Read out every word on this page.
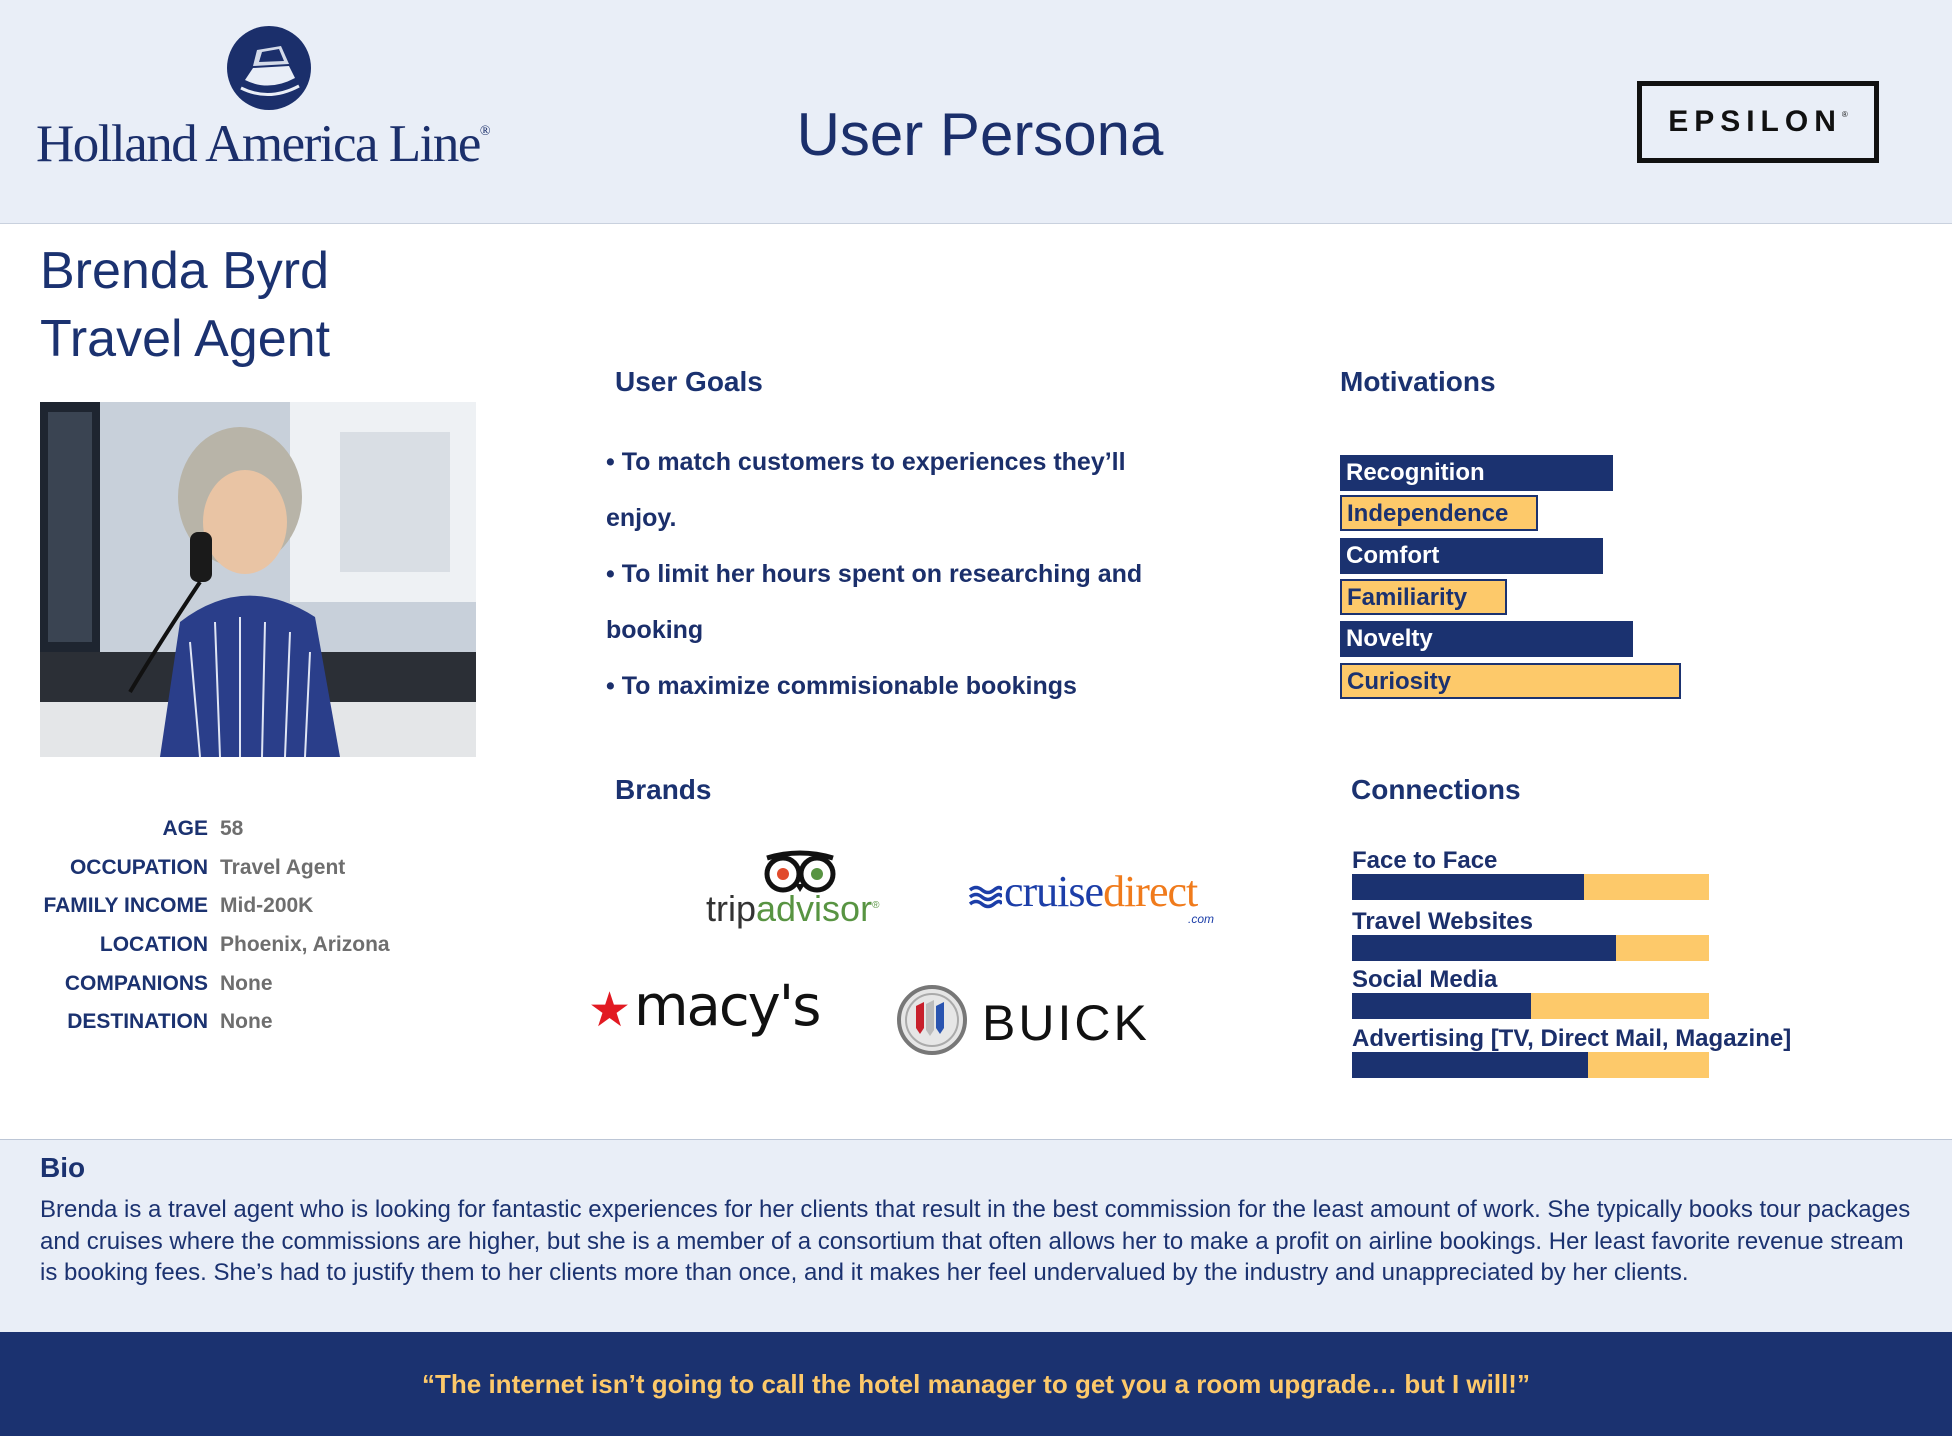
Holland America Line®	User Persona	EPSILON®
Brenda Byrd
Travel Agent
AGE 58
OCCUPATION Travel Agent
FAMILY INCOME Mid-200K
LOCATION Phoenix, Arizona
COMPANIONS None
DESTINATION None
User Goals
• To match customers to experiences they’ll
enjoy.
• To limit her hours spent on researching and
booking
• To maximize commisionable bookings
Motivations
Recognition
Independence
Comfort
Familiarity
Novelty
Curiosity
Brands
tripadvisor®	cruisedirect
.com
★ macy's	BUICK
Connections
Face to Face
Travel Websites
Social Media
Advertising [TV, Direct Mail, Magazine]
Bio
Brenda is a travel agent who is looking for fantastic experiences for her clients that result in the best commission for the least amount of work. She typically books tour packages and cruises where the commissions are higher, but she is a member of a consortium that often allows her to make a profit on airline bookings. Her least favorite revenue stream is booking fees. She’s had to justify them to her clients more than once, and it makes her feel undervalued by the industry and unappreciated by her clients.
“The internet isn’t going to call the hotel manager to get you a room upgrade… but I will!”
